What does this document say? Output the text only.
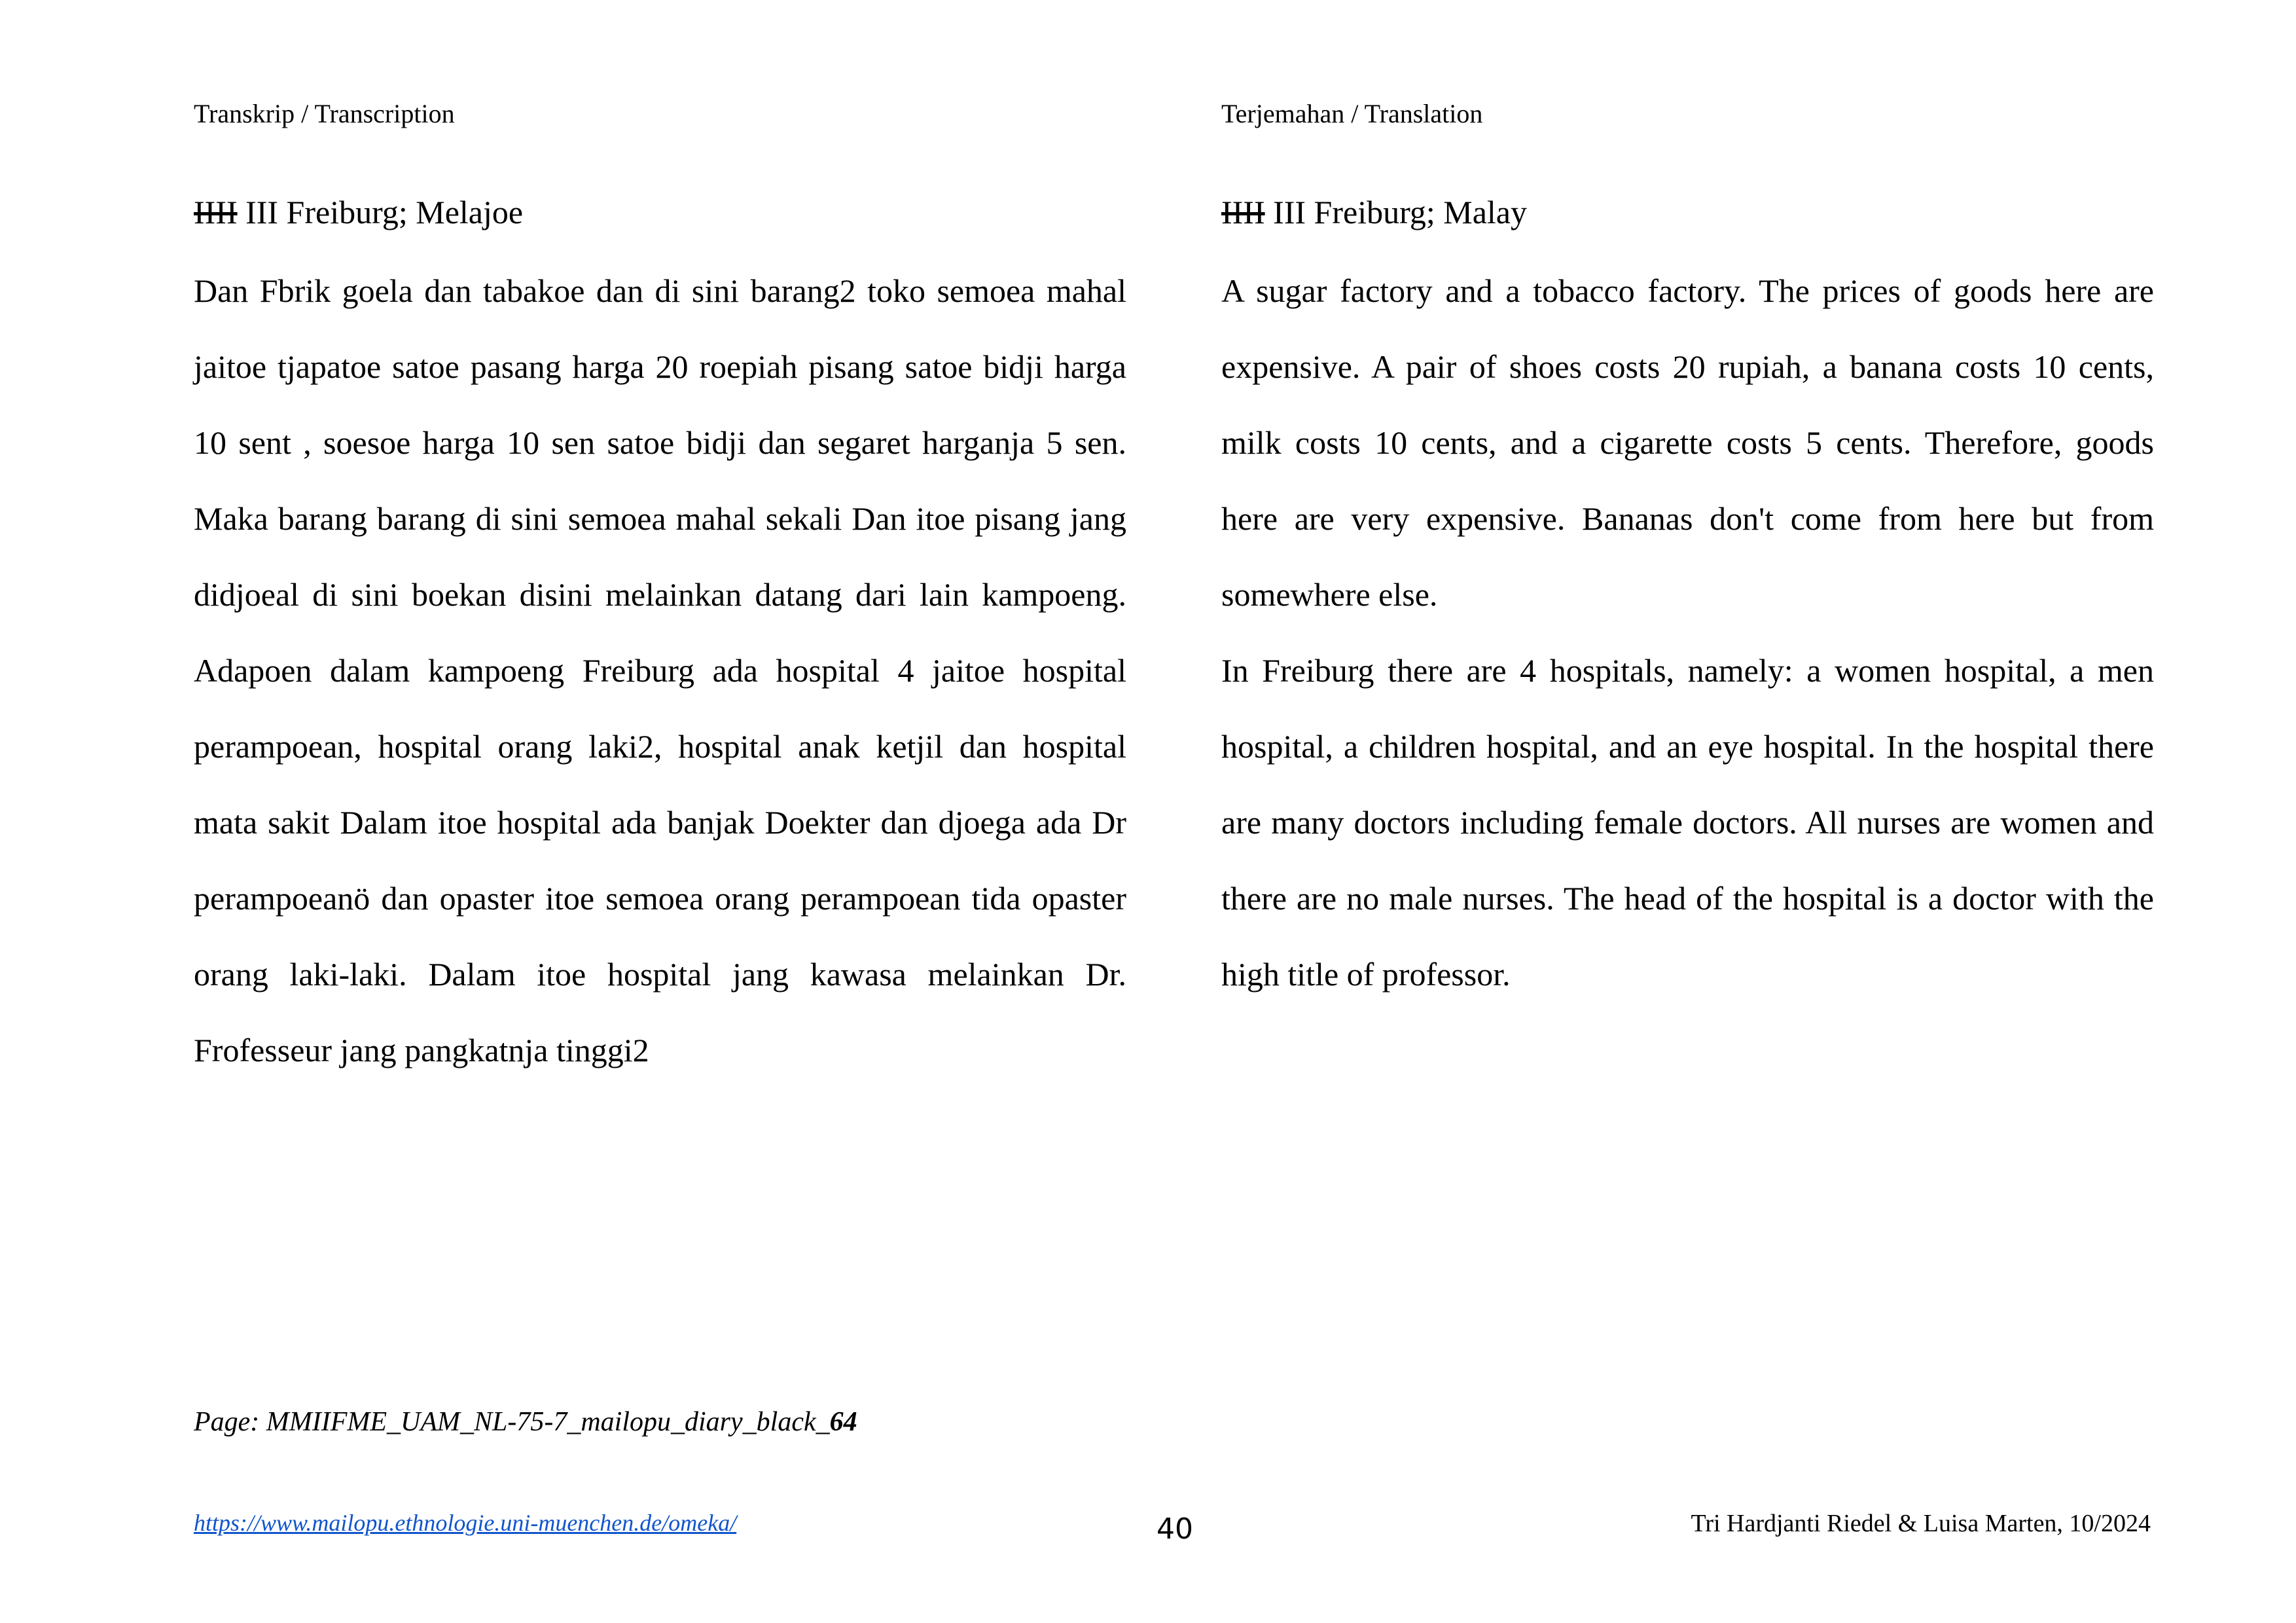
Transkrip / Transcription
IIII III Freiburg; Melajoe

Dan Fbrik goela dan tabakoe dan di sini barang2 toko semoea mahal jaitoe tjapatoe satoe pasang harga 20 roepiah pisang satoe bidji harga 10 sent , soesoe harga 10 sen satoe bidji dan segaret harganja 5 sen. Maka barang barang di sini semoea mahal sekali Dan itoe pisang jang didjoeal di sini boekan disini melainkan datang dari lain kampoeng. Adapoen dalam kampoeng Freiburg ada hospital 4 jaitoe hospital perampoean, hospital orang laki2, hospital anak ketjil dan hospital mata sakit Dalam itoe hospital ada banjak Doekter dan djoega ada Dr perampoeanö dan opaster itoe semoea orang perampoean tida opaster orang laki-laki. Dalam itoe hospital jang kawasa melainkan Dr. Frofesseur jang pangkatnja tinggi2

Terjemahan / Translation
IIII III Freiburg; Malay

A sugar factory and a tobacco factory. The prices of goods here are expensive. A pair of shoes costs 20 rupiah, a banana costs 10 cents, milk costs 10 cents, and a cigarette costs 5 cents. Therefore, goods here are very expensive. Bananas don't come from here but from somewhere else.

In Freiburg there are 4 hospitals, namely: a women hospital, a men hospital, a children hospital, and an eye hospital. In the hospital there are many doctors including female doctors. All nurses are women and there are no male nurses. The head of the hospital is a doctor with the high title of professor.

Page: MMIIFME_UAM_NL-75-7_mailopu_diary_black_64
https://www.mailopu.ethnologie.uni-muenchen.de/omeka/	40	Tri Hardjanti Riedel & Luisa Marten, 10/2024
